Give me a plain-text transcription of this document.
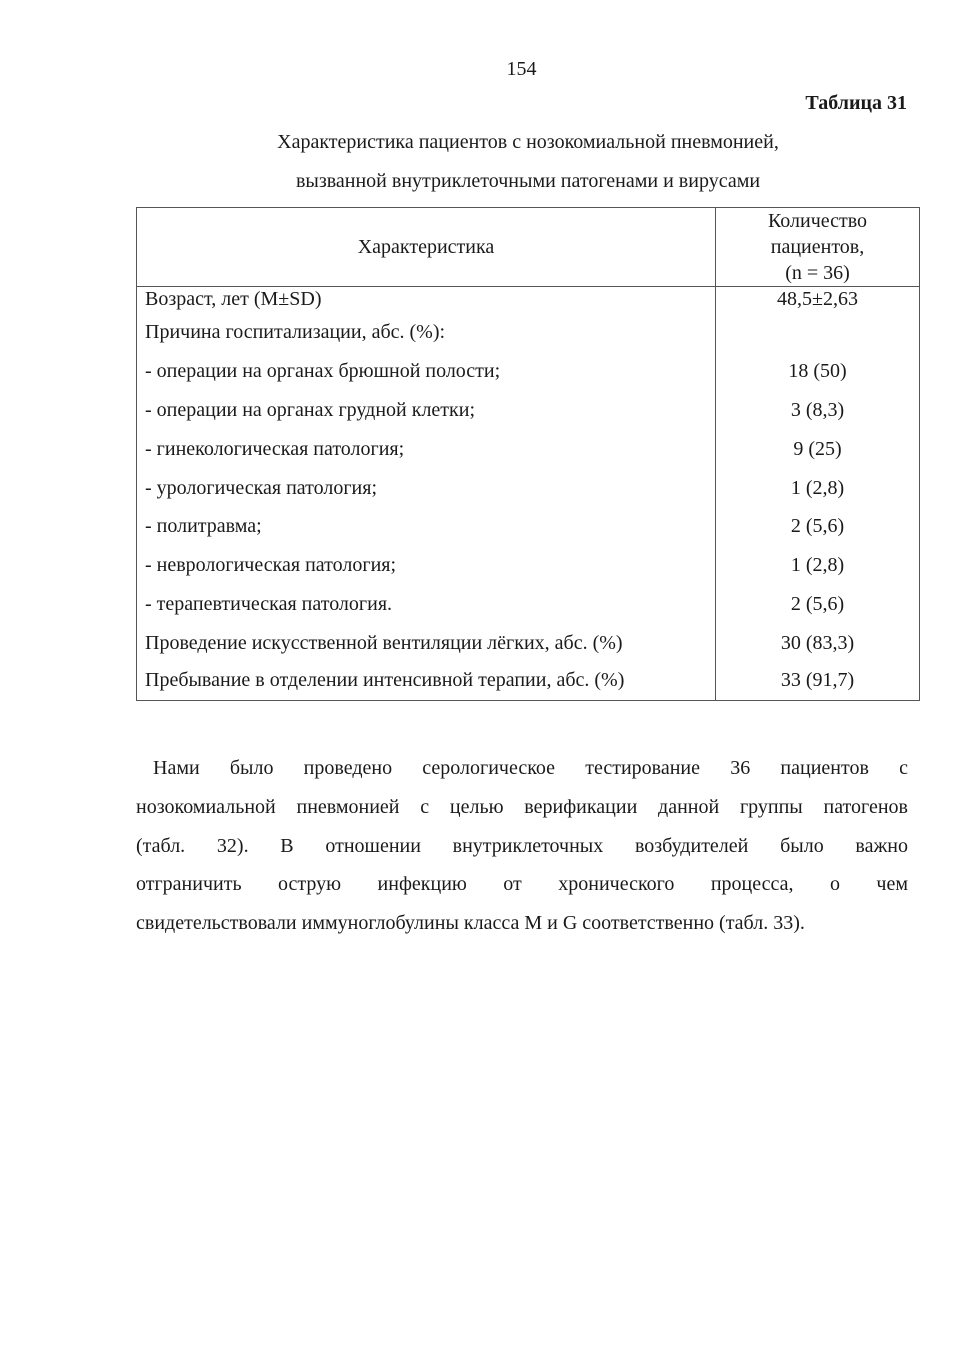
154
Таблица 31
Характеристика пациентов с нозокомиальной пневмонией,
вызванной внутриклеточными патогенами и вирусами
Характеристика	Количество
пациентов,
(n = 36)
Возраст, лет (M±SD)	48,5±2,63
Причина госпитализации, абс. (%):	
- операции на органах брюшной полости;	18 (50)
- операции на органах грудной клетки;	3 (8,3)
- гинекологическая патология;	9 (25)
- урологическая патология;	1 (2,8)
- политравма;	2 (5,6)
- неврологическая патология;	1 (2,8)
- терапевтическая патология.	2 (5,6)
Проведение искусственной вентиляции лёгких, абс. (%)	30 (83,3)
Пребывание в отделении интенсивной терапии, абс. (%)	33 (91,7)
Нами было проведено серологическое тестирование 36 пациентов с
нозокомиальной пневмонией с целью верификации данной группы патогенов
(табл. 32). В отношении внутриклеточных возбудителей было важно
отграничить острую инфекцию от хронического процесса, о чем
свидетельствовали иммуноглобулины класса М и G соответственно (табл. 33).
